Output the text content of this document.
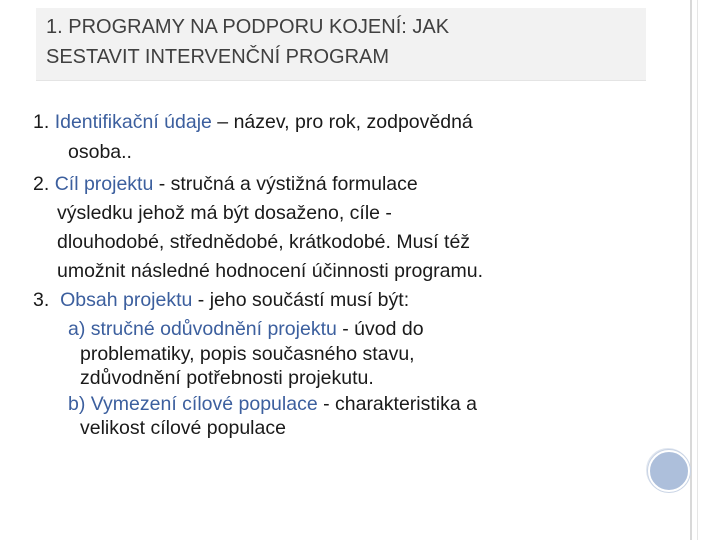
1. PROGRAMY NA PODPORU KOJENÍ: JAK
SESTAVIT INTERVENČNÍ PROGRAM
1. Identifikační údaje – název, pro rok, zodpovědná
osoba..
2. Cíl projektu - stručná a výstižná formulace
výsledku jehož má být dosaženo, cíle -
dlouhodobé, střednědobé, krátkodobé. Musí též
umožnit následné hodnocení účinnosti programu.
3. Obsah projektu - jeho součástí musí být:
a) stručné odůvodnění projektu - úvod do
problematiky, popis současného stavu,
zdůvodnění potřebnosti projekutu.
b) Vymezení cílové populace - charakteristika a
velikost cílové populace
